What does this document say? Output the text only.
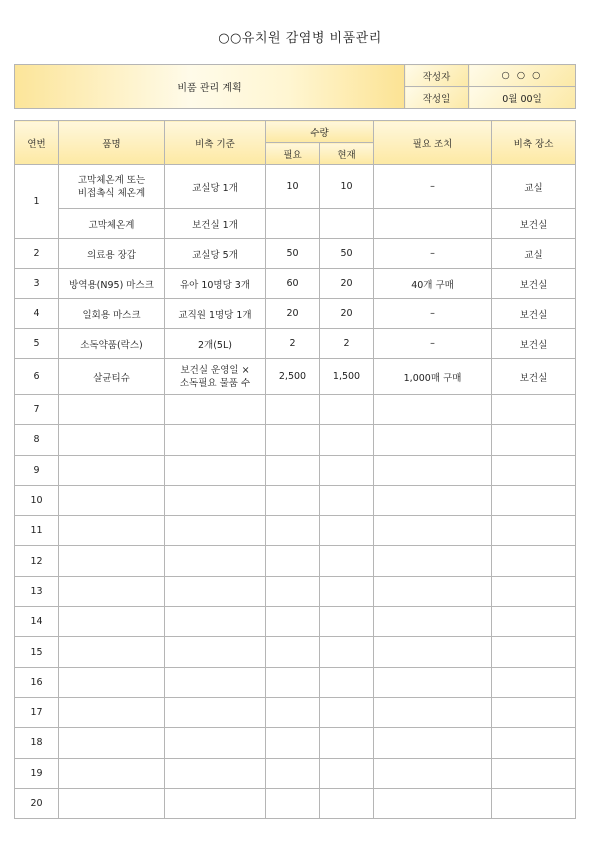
○○유치원 감염병 비품관리
비품 관리 계획	작성자	○ ○ ○
	작성일	0월 00일
연번	품명	비축 기준	수량		필요 조치	비축 장소
			필요	현재		
1	고막체온계 또는
비접촉식 체온계	교실당 1개	10	10	–	교실
	고막체온계	보건실 1개				보건실
2	의료용 장갑	교실당 5개	50	50	–	교실
3	방역용(N95) 마스크	유아 10명당 3개	60	20	40개 구매	보건실
4	일회용 마스크	교직원 1명당 1개	20	20	–	보건실
5	소독약품(락스)	2개(5L)	2	2	–	보건실
6	살균티슈	보건실 운영일 ×
소독필요 물품 수	2,500	1,500	1,000매 구매	보건실
7						
8						
9						
10						
11						
12						
13						
14						
15						
16						
17						
18						
19						
20						
